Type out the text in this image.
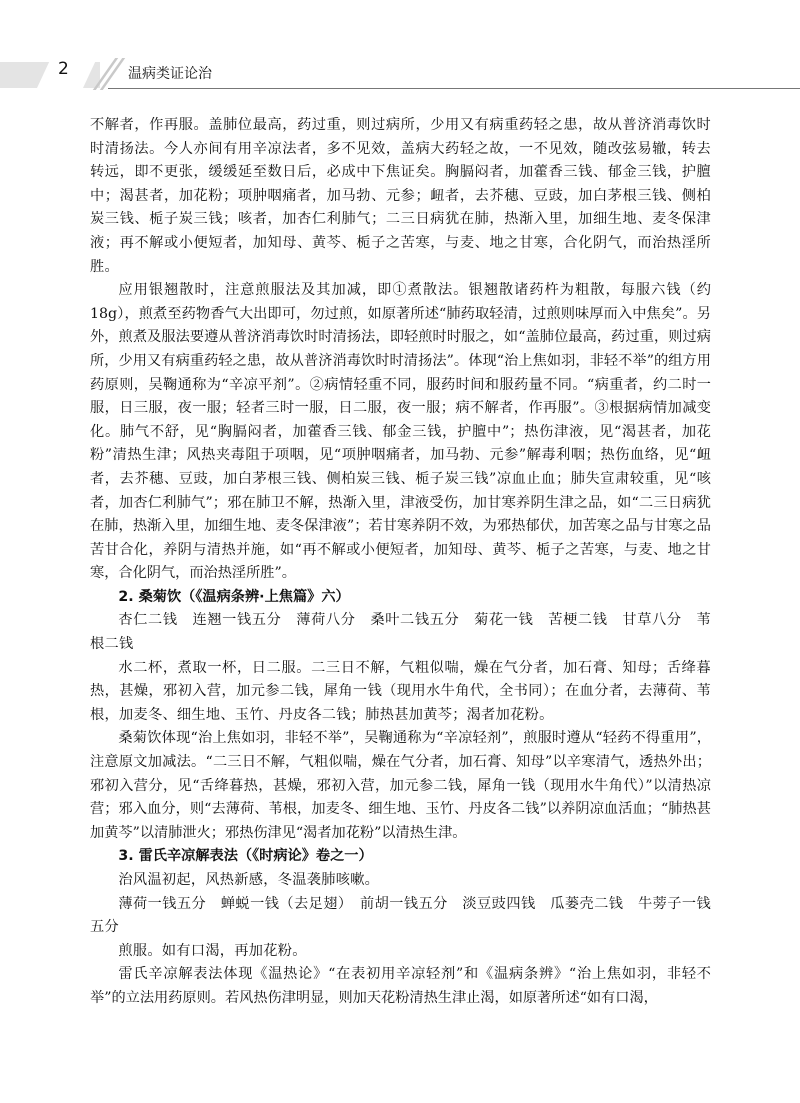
2	温病类证论治

不解者，作再服。盖肺位最高，药过重，则过病所，少用又有病重药轻之患，故从普济消毒饮时时清扬法。今人亦间有用辛凉法者，多不见效，盖病大药轻之故，一不见效，随改弦易辙，转去转远，即不更张，缓缓延至数日后，必成中下焦证矣。胸膈闷者，加藿香三钱、郁金三钱，护膻中；渴甚者，加花粉；项肿咽痛者，加马勃、元参；衄者，去芥穗、豆豉，加白茅根三钱、侧柏炭三钱、栀子炭三钱；咳者，加杏仁利肺气；二三日病犹在肺，热渐入里，加细生地、麦冬保津液；再不解或小便短者，加知母、黄芩、栀子之苦寒，与麦、地之甘寒，合化阴气，而治热淫所胜。

应用银翘散时，注意煎服法及其加减，即①煮散法。银翘散诸药杵为粗散，每服六钱（约18g），煎煮至药物香气大出即可，勿过煎，如原著所述“肺药取轻清，过煎则味厚而入中焦矣”。另外，煎煮及服法要遵从普济消毒饮时时清扬法，即轻煎时时服之，如“盖肺位最高，药过重，则过病所，少用又有病重药轻之患，故从普济消毒饮时时清扬法”。体现“治上焦如羽，非轻不举”的组方用药原则，吴鞠通称为“辛凉平剂”。②病情轻重不同，服药时间和服药量不同。“病重者，约二时一服，日三服，夜一服；轻者三时一服，日二服，夜一服；病不解者，作再服”。③根据病情加减变化。肺气不舒，见“胸膈闷者，加藿香三钱、郁金三钱，护膻中”；热伤津液，见“渴甚者，加花粉”清热生津；风热夹毒阻于项咽，见“项肿咽痛者，加马勃、元参”解毒利咽；热伤血络，见“衄者，去芥穗、豆豉，加白茅根三钱、侧柏炭三钱、栀子炭三钱”凉血止血；肺失宣肃较重，见“咳者，加杏仁利肺气”；邪在肺卫不解，热渐入里，津液受伤，加甘寒养阴生津之品，如“二三日病犹在肺，热渐入里，加细生地、麦冬保津液”；若甘寒养阴不效，为邪热郁伏，加苦寒之品与甘寒之品苦甘合化，养阴与清热并施，如“再不解或小便短者，加知母、黄芩、栀子之苦寒，与麦、地之甘寒，合化阴气，而治热淫所胜”。

2. 桑菊饮（《温病条辨·上焦篇》六）

杏仁二钱　连翘一钱五分　薄荷八分　桑叶二钱五分　菊花一钱　苦梗二钱　甘草八分　苇根二钱

水二杯，煮取一杯，日二服。二三日不解，气粗似喘，燥在气分者，加石膏、知母；舌绛暮热，甚燥，邪初入营，加元参二钱，犀角一钱（现用水牛角代，全书同）；在血分者，去薄荷、苇根，加麦冬、细生地、玉竹、丹皮各二钱；肺热甚加黄芩；渴者加花粉。

桑菊饮体现“治上焦如羽，非轻不举”，吴鞠通称为“辛凉轻剂”，煎服时遵从“轻药不得重用”，注意原文加减法。“二三日不解，气粗似喘，燥在气分者，加石膏、知母”以辛寒清气，透热外出；邪初入营分，见“舌绛暮热，甚燥，邪初入营，加元参二钱，犀角一钱（现用水牛角代）”以清热凉营；邪入血分，则“去薄荷、苇根，加麦冬、细生地、玉竹、丹皮各二钱”以养阴凉血活血；“肺热甚加黄芩”以清肺泄火；邪热伤津见“渴者加花粉”以清热生津。

3. 雷氏辛凉解表法（《时病论》卷之一）

治风温初起，风热新感，冬温袭肺咳嗽。

薄荷一钱五分　蝉蜕一钱（去足翅）　前胡一钱五分　淡豆豉四钱　瓜蒌壳二钱　牛蒡子一钱五分

煎服。如有口渴，再加花粉。

雷氏辛凉解表法体现《温热论》“在表初用辛凉轻剂”和《温病条辨》“治上焦如羽，非轻不举”的立法用药原则。若风热伤津明显，则加天花粉清热生津止渴，如原著所述“如有口渴，
